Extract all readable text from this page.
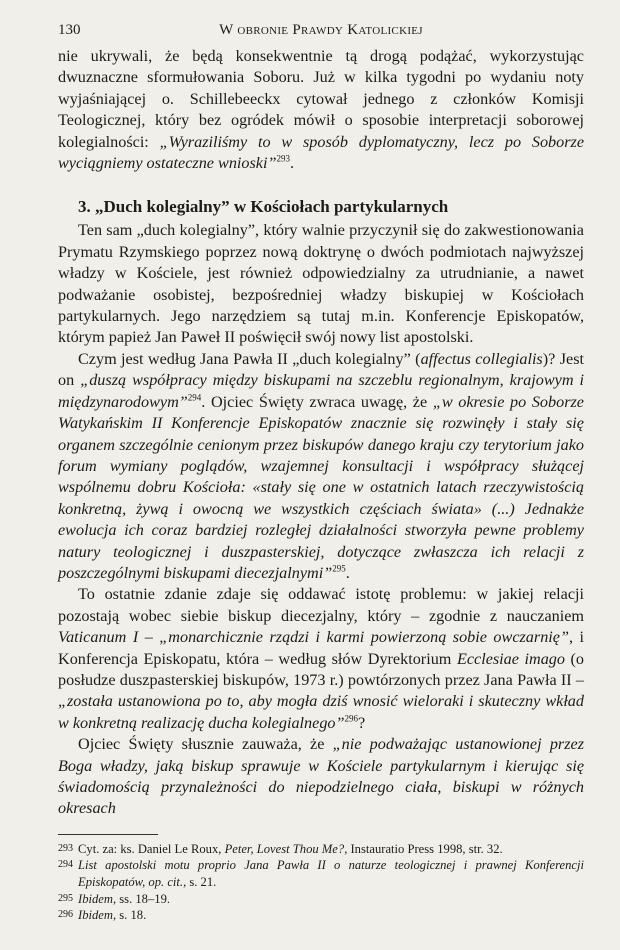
130	W obronie Prawdy Katolickiej

nie ukrywali, że będą konsekwentnie tą drogą podążać, wykorzystując dwuznaczne sformułowania Soboru. Już w kilka tygodni po wydaniu noty wyjaśniającej o. Schillebeeckx cytował jednego z członków Komisji Teologicznej, który bez ogródek mówił o sposobie interpretacji soborowej kolegialności: „Wyraziliśmy to w sposób dyplomatyczny, lecz po Soborze wyciągniemy ostateczne wnioski”$^{293}$.

3. „Duch kolegialny” w Kościołach partykularnych

Ten sam „duch kolegialny”, który walnie przyczynił się do zakwestionowania Prymatu Rzymskiego poprzez nową doktrynę o dwóch podmiotach najwyższej władzy w Kościele, jest również odpowiedzialny za utrudnianie, a nawet podważanie osobistej, bezpośredniej władzy biskupiej w Kościołach partykularnych. Jego narzędziem są tutaj m.in. Konferencje Episkopatów, którym papież Jan Paweł II poświęcił swój nowy list apostolski.

Czym jest według Jana Pawła II „duch kolegialny” (affectus collegialis)? Jest on „duszą współpracy między biskupami na szczeblu regionalnym, krajowym i międzynarodowym”$^{294}$. Ojciec Święty zwraca uwagę, że „w okresie po Soborze Watykańskim II Konferencje Episkopatów znacznie się rozwinęły i stały się organem szczególnie cenionym przez biskupów danego kraju czy terytorium jako forum wymiany poglądów, wzajemnej konsultacji i współpracy służącej wspólnemu dobru Kościoła: «stały się one w ostatnich latach rzeczywistością konkretną, żywą i owocną we wszystkich częściach świata» (...) Jednakże ewolucja ich coraz bardziej rozległej działalności stworzyła pewne problemy natury teologicznej i duszpasterskiej, dotyczące zwłaszcza ich relacji z poszczególnymi biskupami diecezjalnymi”$^{295}$.

To ostatnie zdanie zdaje się oddawać istotę problemu: w jakiej relacji pozostają wobec siebie biskup diecezjalny, który – zgodnie z nauczaniem Vaticanum I – „monarchicznie rządzi i karmi powierzoną sobie owczarnię”, i Konferencja Episkopatu, która – według słów Dyrektorium Ecclesiae imago (o posłudze duszpasterskiej biskupów, 1973 r.) powtórzonych przez Jana Pawła II – „została ustanowiona po to, aby mogła dziś wnosić wieloraki i skuteczny wkład w konkretną realizację ducha kolegialnego”$^{296}$?

Ojciec Święty słusznie zauważa, że „nie podważając ustanowionej przez Boga władzy, jaką biskup sprawuje w Kościele partykularnym i kierując się świadomością przynależności do niepodzielnego ciała, biskupi w różnych okresach

293 Cyt. za: ks. Daniel Le Roux, Peter, Lovest Thou Me?, Instauratio Press 1998, str. 32.
294 List apostolski motu proprio Jana Pawła II o naturze teologicznej i prawnej Konferencji Episkopatów, op. cit., s. 21.
295 Ibidem, ss. 18–19.
296 Ibidem, s. 18.
